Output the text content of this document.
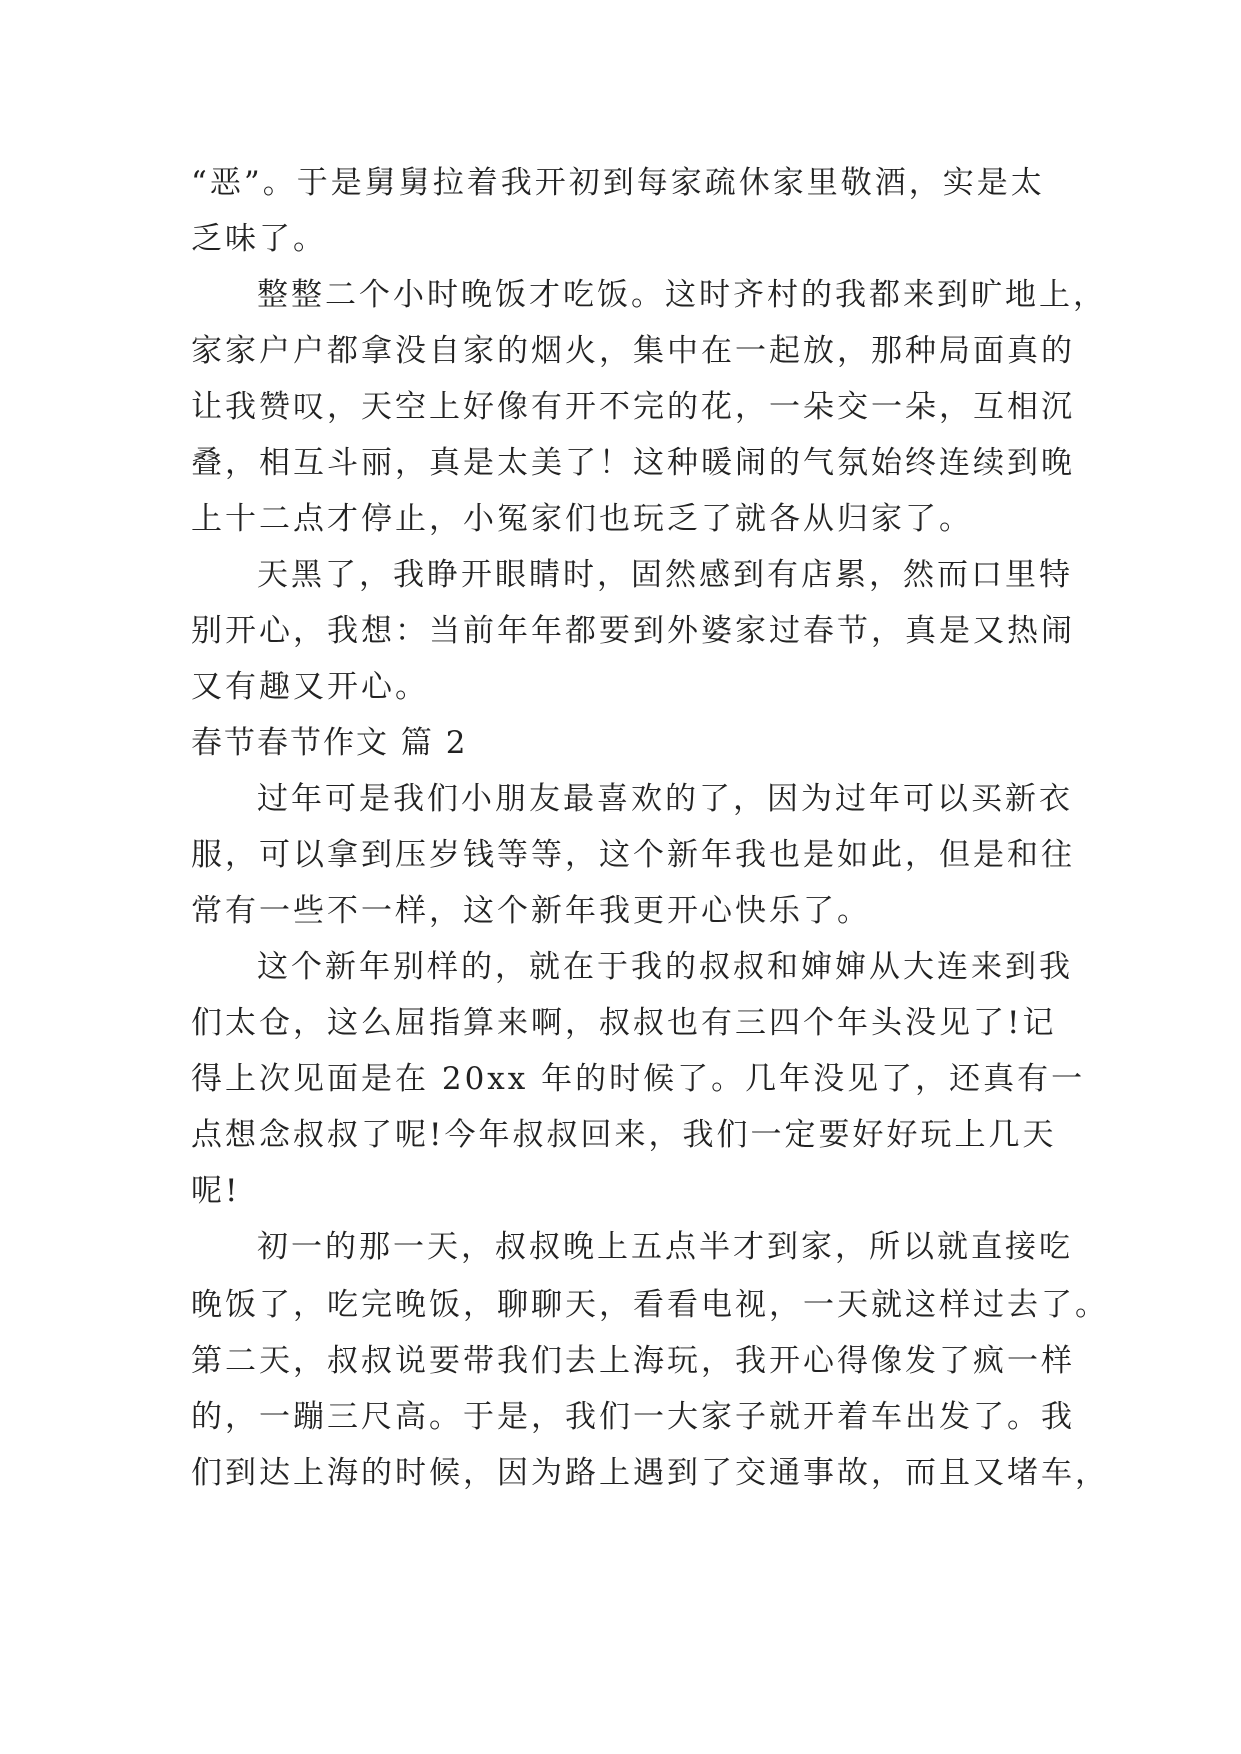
“恶”。于是舅舅拉着我开初到每家疏休家里敬酒，实是太
乏味了。
整整二个小时晚饭才吃饭。这时齐村的我都来到旷地上，
家家户户都拿没自家的烟火，集中在一起放，那种局面真的
让我赞叹，天空上好像有开不完的花，一朵交一朵，互相沉
叠，相互斗丽，真是太美了！这种暖闹的气氛始终连续到晚
上十二点才停止，小冤家们也玩乏了就各从归家了。
天黑了，我睁开眼睛时，固然感到有店累，然而口里特
别开心，我想：当前年年都要到外婆家过春节，真是又热闹
又有趣又开心。
春节春节作文 篇 2
过年可是我们小朋友最喜欢的了，因为过年可以买新衣
服，可以拿到压岁钱等等，这个新年我也是如此，但是和往
常有一些不一样，这个新年我更开心快乐了。
这个新年别样的，就在于我的叔叔和婶婶从大连来到我
们太仓，这么屈指算来啊，叔叔也有三四个年头没见了!记
得上次见面是在 20xx 年的时候了。几年没见了，还真有一
点想念叔叔了呢!今年叔叔回来，我们一定要好好玩上几天
呢!
初一的那一天，叔叔晚上五点半才到家，所以就直接吃
晚饭了，吃完晚饭，聊聊天，看看电视，一天就这样过去了。
第二天，叔叔说要带我们去上海玩，我开心得像发了疯一样
的，一蹦三尺高。于是，我们一大家子就开着车出发了。我
们到达上海的时候，因为路上遇到了交通事故，而且又堵车，
